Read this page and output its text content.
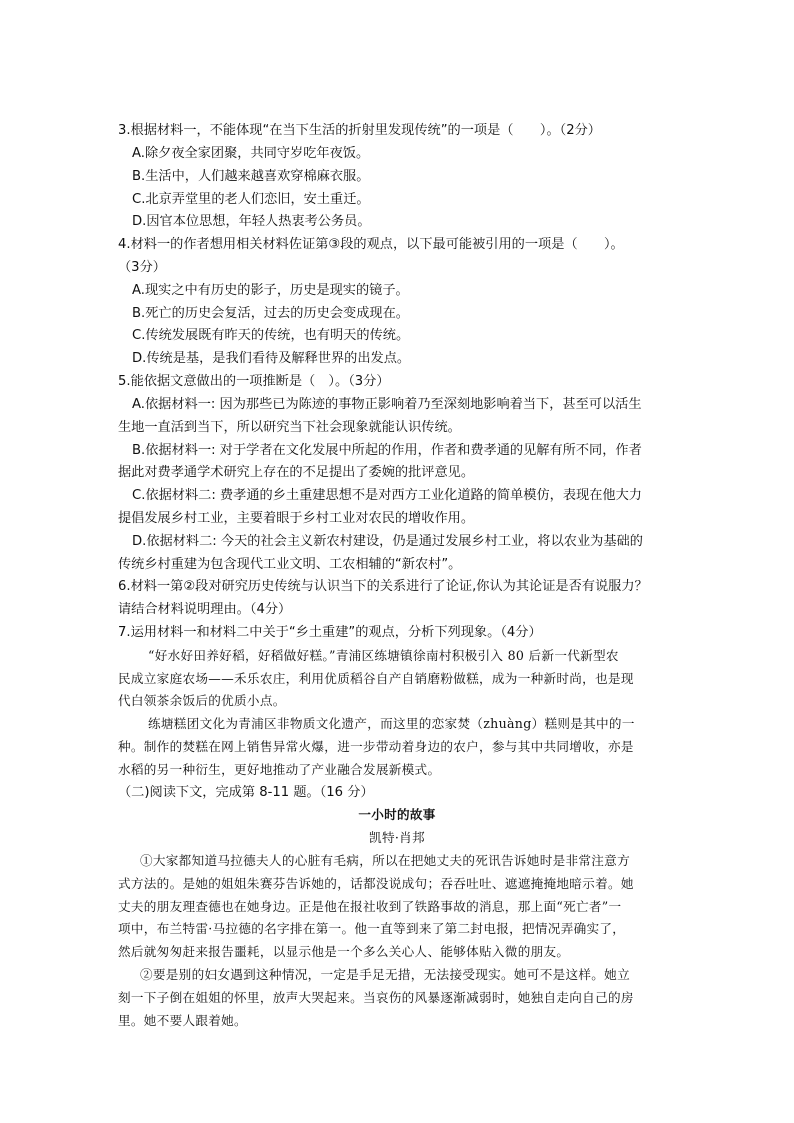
3.根据材料一，不能体现“在当下生活的折射里发现传统”的一项是（　　）。（2分）
A.除夕夜全家团聚，共同守岁吃年夜饭。
B.生活中，人们越来越喜欢穿棉麻衣服。
C.北京弄堂里的老人们恋旧，安土重迁。
D.因官本位思想，年轻人热衷考公务员。
4.材料一的作者想用相关材料佐证第③段的观点，以下最可能被引用的一项是（　　）。
（3分）
A.现实之中有历史的影子，历史是现实的镜子。
B.死亡的历史会复活，过去的历史会变成现在。
C.传统发展既有昨天的传统，也有明天的传统。
D.传统是基，是我们看待及解释世界的出发点。
5.能依据文意做出的一项推断是（　）。（3分）
A.依据材料一: 因为那些已为陈迹的事物正影响着乃至深刻地影响着当下，甚至可以活生
生地一直活到当下，所以研究当下社会现象就能认识传统。
B.依据材料一: 对于学者在文化发展中所起的作用，作者和费孝通的见解有所不同，作者
据此对费孝通学术研究上存在的不足提出了委婉的批评意见。
C.依据材料二: 费孝通的乡土重建思想不是对西方工业化道路的简单模仿，表现在他大力
提倡发展乡村工业，主要着眼于乡村工业对农民的增收作用。
D.依据材料二: 今天的社会主义新农村建设，仍是通过发展乡村工业，将以农业为基础的
传统乡村重建为包含现代工业文明、工农相辅的“新农村”。
6.材料一第②段对研究历史传统与认识当下的关系进行了论证,你认为其论证是否有说服力？
请结合材料说明理由。（4分）
7.运用材料一和材料二中关于“乡土重建”的观点，分析下列现象。（4分）
“好水好田养好稻，好稻做好糕。”青浦区练塘镇徐南村积极引入 80 后新一代新型农
民成立家庭农场——禾乐农庄，利用优质稻谷自产自销磨粉做糕，成为一种新时尚，也是现
代白领茶余饭后的优质小点。
练塘糕团文化为青浦区非物质文化遗产，而这里的恋家焚（zhuàng）糕则是其中的一
种。制作的焚糕在网上销售异常火爆，进一步带动着身边的农户，参与其中共同增收，亦是
水稻的另一种衍生，更好地推动了产业融合发展新模式。
（二)阅读下文，完成第 8-11 题。（16 分）
一小时的故事
凯特·肖邦
①大家都知道马拉德夫人的心脏有毛病，所以在把她丈夫的死讯告诉她时是非常注意方
式方法的。是她的姐姐朱赛芬告诉她的，话都没说成句；吞吞吐吐、遮遮掩掩地暗示着。她
丈夫的朋友理查德也在她身边。正是他在报社收到了铁路事故的消息，那上面“死亡者”一
项中，布兰特雷·马拉德的名字排在第一。他一直等到来了第二封电报，把情况弄确实了，
然后就匆匆赶来报告噩耗，以显示他是一个多么关心人、能够体贴入微的朋友。
②要是别的妇女遇到这种情况，一定是手足无措，无法接受现实。她可不是这样。她立
刻一下子倒在姐姐的怀里，放声大哭起来。当哀伤的风暴逐渐减弱时，她独自走向自己的房
里。她不要人跟着她。
